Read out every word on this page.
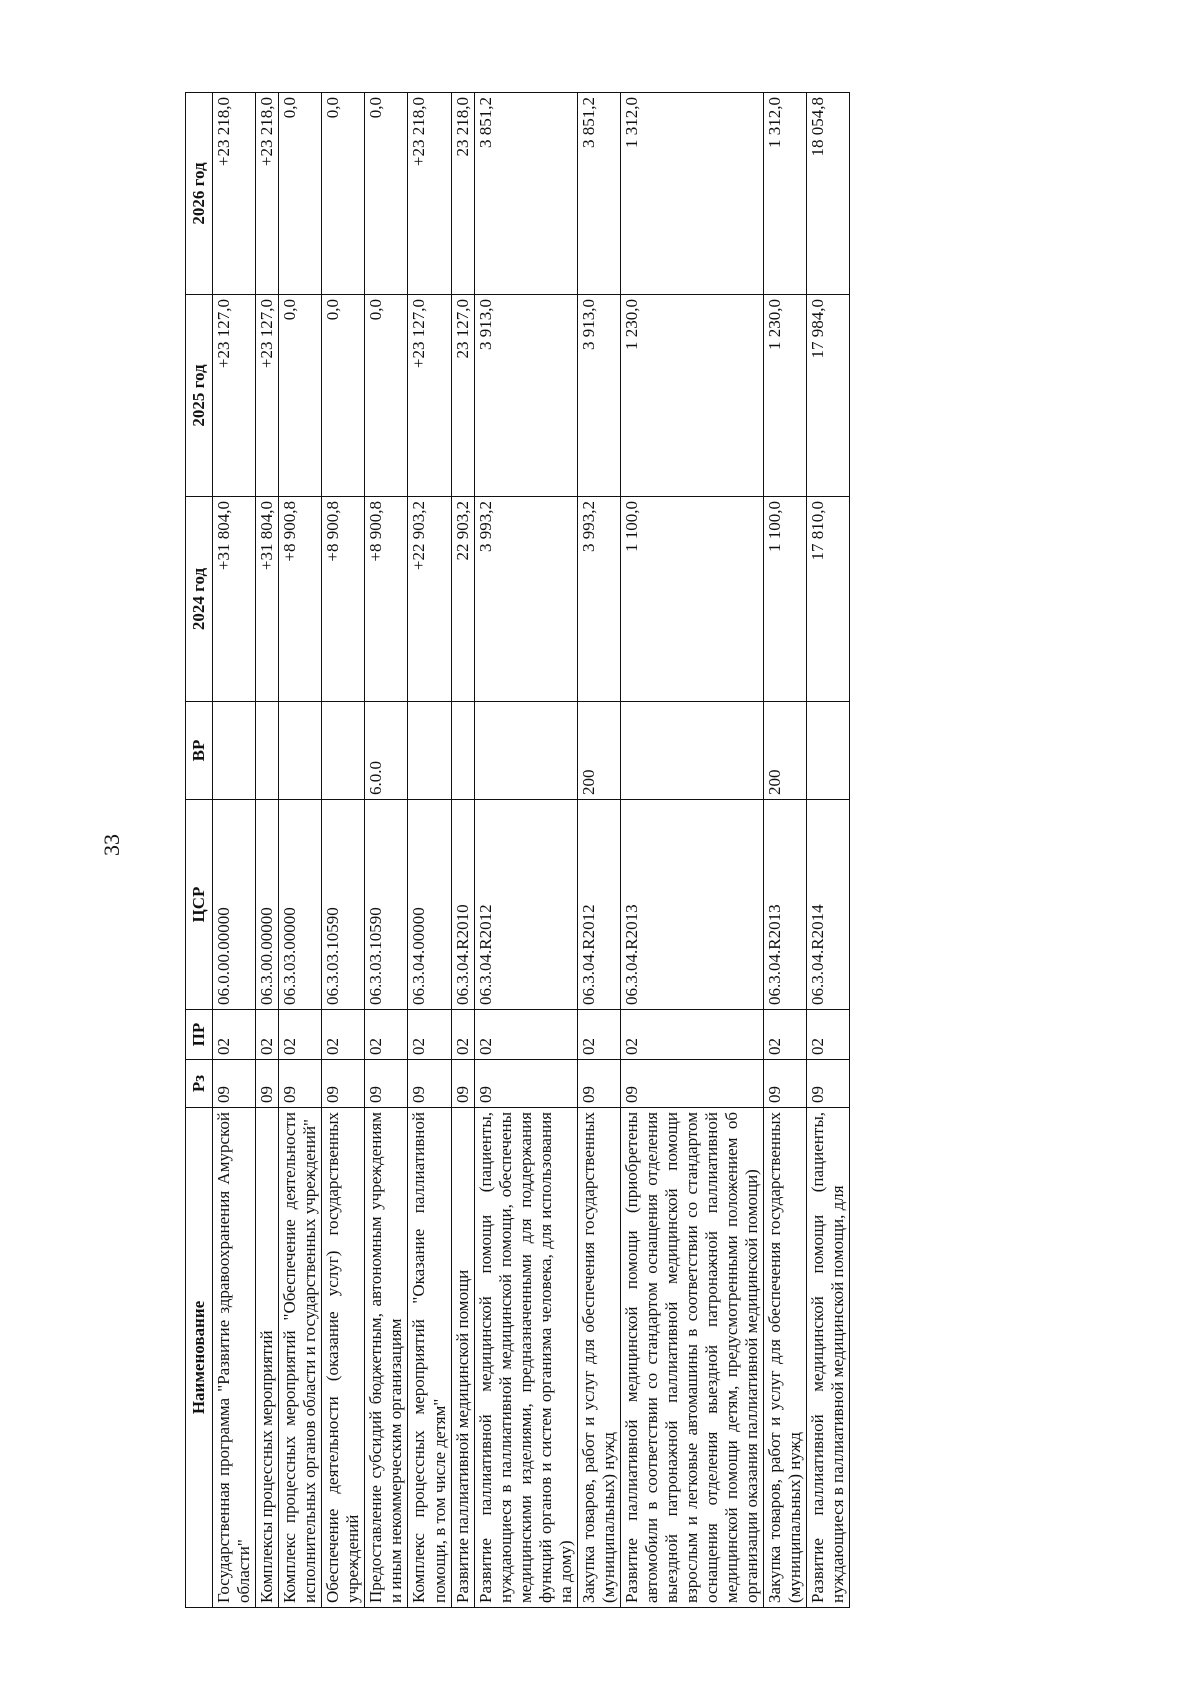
33
Наименование	Рз	ПР	ЦСР	ВР	2024 год	2025 год	2026 год
Государственная программа "Развитие здравоохранения Амурской области"	09	02	06.0.00.00000		+31 804,0	+23 127,0	+23 218,0
Комплексы процессных мероприятий	09	02	06.3.00.00000		+31 804,0	+23 127,0	+23 218,0
Комплекс процессных мероприятий "Обеспечение деятельности исполнительных органов области и государственных учреждений"	09	02	06.3.03.00000		+8 900,8	0,0	0,0
Обеспечение деятельности (оказание услуг) государственных учреждений	09	02	06.3.03.10590		+8 900,8	0,0	0,0
Предоставление субсидий бюджетным, автономным учреждениям и иным некоммерческим организациям	09	02	06.3.03.10590	6.0.0	+8 900,8	0,0	0,0
Комплекс процессных мероприятий "Оказание паллиативной помощи, в том числе детям"	09	02	06.3.04.00000		+22 903,2	+23 127,0	+23 218,0
Развитие паллиативной медицинской помощи	09	02	06.3.04.R2010		22 903,2	23 127,0	23 218,0
Развитие паллиативной медицинской помощи (пациенты, нуждающиеся в паллиативной медицинской помощи, обеспечены медицинскими изделиями, предназначенными для поддержания функций органов и систем организма человека, для использования на дому)	09	02	06.3.04.R2012		3 993,2	3 913,0	3 851,2
Закупка товаров, работ и услуг для обеспечения государственных (муниципальных) нужд	09	02	06.3.04.R2012	200	3 993,2	3 913,0	3 851,2
Развитие паллиативной медицинской помощи (приобретены автомобили в соответствии со стандартом оснащения отделения выездной патронажной паллиативной медицинской помощи взрослым и легковые автомашины в соответствии со стандартом оснащения отделения выездной патронажной паллиативной медицинской помощи детям, предусмотренными положением об организации оказания паллиативной медицинской помощи)	09	02	06.3.04.R2013		1 100,0	1 230,0	1 312,0
Закупка товаров, работ и услуг для обеспечения государственных (муниципальных) нужд	09	02	06.3.04.R2013	200	1 100,0	1 230,0	1 312,0
Развитие паллиативной медицинской помощи (пациенты, нуждающиеся в паллиативной медицинской помощи, для	09	02	06.3.04.R2014		17 810,0	17 984,0	18 054,8
